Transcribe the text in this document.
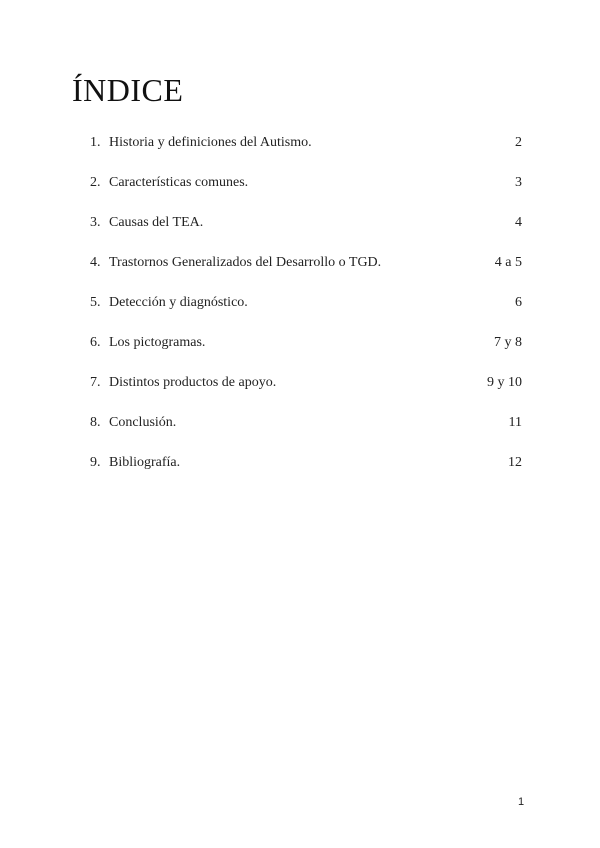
ÍNDICE
1. Historia y definiciones del Autismo.	2
2. Características comunes.	3
3. Causas del TEA.	4
4. Trastornos Generalizados del Desarrollo o TGD.	4 a 5
5. Detección y diagnóstico.	6
6. Los pictogramas.	7 y 8
7. Distintos productos de apoyo.	9 y 10
8. Conclusión.	11
9. Bibliografía.	12
1
